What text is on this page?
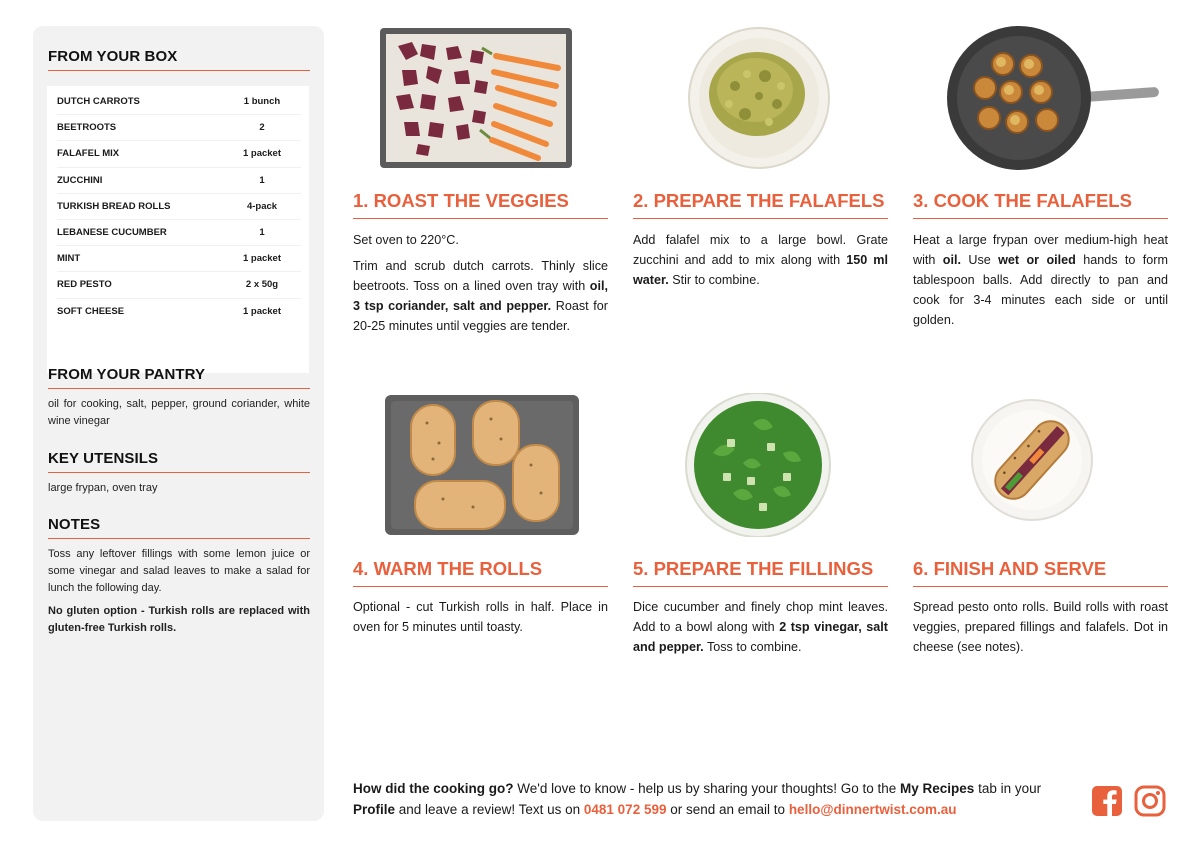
FROM YOUR BOX
DUTCH CARROTS	1 bunch
BEETROOTS	2
FALAFEL MIX	1 packet
ZUCCHINI	1
TURKISH BREAD ROLLS	4-pack
LEBANESE CUCUMBER	1
MINT	1 packet
RED PESTO	2 x 50g
SOFT CHEESE	1 packet
FROM YOUR PANTRY
oil for cooking, salt, pepper, ground coriander, white wine vinegar
KEY UTENSILS
large frypan, oven tray
NOTES
Toss any leftover fillings with some lemon juice or some vinegar and salad leaves to make a salad for lunch the following day.
No gluten option - Turkish rolls are replaced with gluten-free Turkish rolls.
1. ROAST THE VEGGIES

Set oven to 220°C.

Trim and scrub dutch carrots. Thinly slice beetroots. Toss on a lined oven tray with oil, 3 tsp coriander, salt and pepper. Roast for 20-25 minutes until veggies are tender.

2. PREPARE THE FALAFELS

Add falafel mix to a large bowl. Grate zucchini and add to mix along with 150 ml water. Stir to combine.

3. COOK THE FALAFELS

Heat a large frypan over medium-high heat with oil. Use wet or oiled hands to form tablespoon balls. Add directly to pan and cook for 3-4 minutes each side or until golden.

4. WARM THE ROLLS

Optional - cut Turkish rolls in half. Place in oven for 5 minutes until toasty.

5. PREPARE THE FILLINGS

Dice cucumber and finely chop mint leaves. Add to a bowl along with 2 tsp vinegar, salt and pepper. Toss to combine.

6. FINISH AND SERVE

Spread pesto onto rolls. Build rolls with roast veggies, prepared fillings and falafels. Dot in cheese (see notes).

How did the cooking go? We'd love to know - help us by sharing your thoughts! Go to the My Recipes tab in your Profile and leave a review! Text us on 0481 072 599 or send an email to hello@dinnertwist.com.au
